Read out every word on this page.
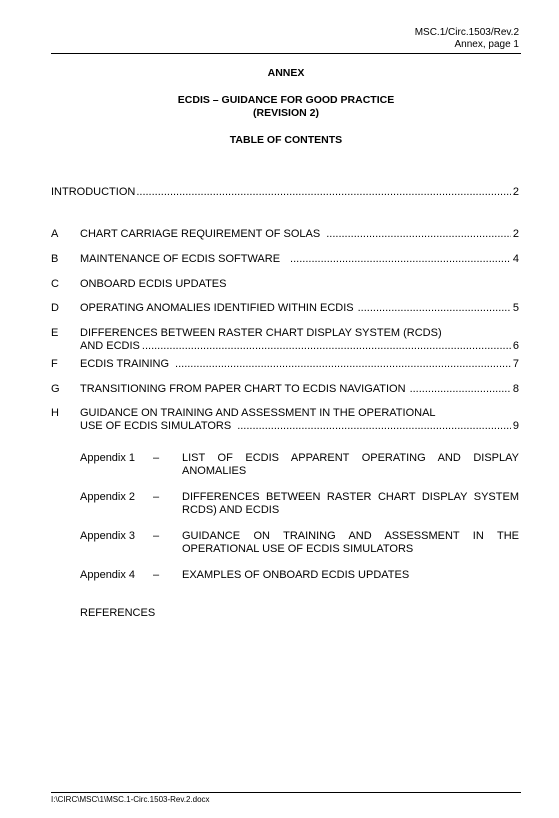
MSC.1/Circ.1503/Rev.2
Annex, page 1
ANNEX
ECDIS – GUIDANCE FOR GOOD PRACTICE
(REVISION 2)
TABLE OF CONTENTS
INTRODUCTION .....	2
A CHART CARRIAGE REQUIREMENT OF SOLAS .....	2
B MAINTENANCE OF ECDIS SOFTWARE .....	4
C ONBOARD ECDIS UPDATES
D OPERATING ANOMALIES IDENTIFIED WITHIN ECDIS .....	5
E DIFFERENCES BETWEEN RASTER CHART DISPLAY SYSTEM (RCDS)
AND ECDIS .....	6
F ECDIS TRAINING .....	7
G TRANSITIONING FROM PAPER CHART TO ECDIS NAVIGATION .....	8
H GUIDANCE ON TRAINING AND ASSESSMENT IN THE OPERATIONAL
USE OF ECDIS SIMULATORS .....	9
Appendix 1 – LIST OF ECDIS APPARENT OPERATING AND DISPLAY
ANOMALIES
Appendix 2 – DIFFERENCES BETWEEN RASTER CHART DISPLAY SYSTEM
RCDS) AND ECDIS
Appendix 3 – GUIDANCE ON TRAINING AND ASSESSMENT IN THE
OPERATIONAL USE OF ECDIS SIMULATORS
Appendix 4 – EXAMPLES OF ONBOARD ECDIS UPDATES
REFERENCES
I:\CIRC\MSC\1\MSC.1-Circ.1503-Rev.2.docx
